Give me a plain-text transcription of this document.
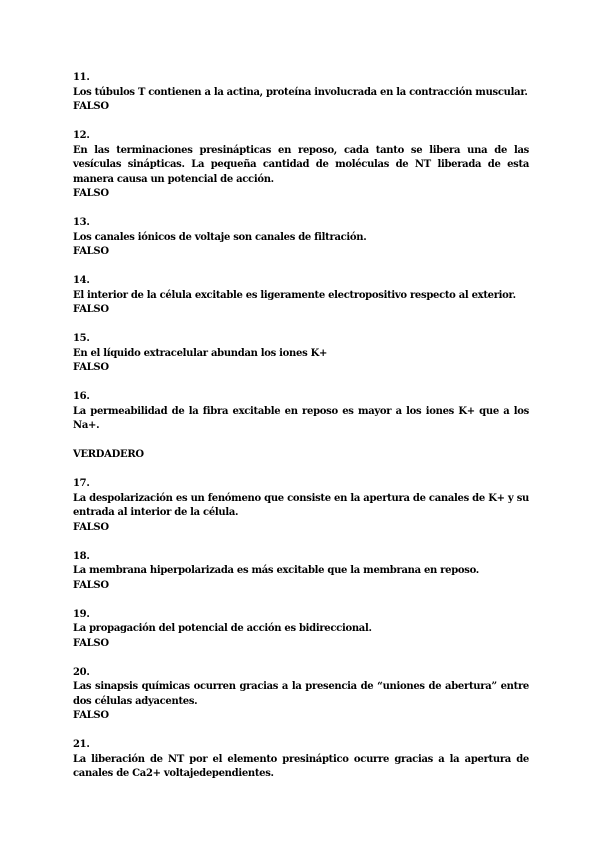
11.
Los túbulos T contienen a la actina, proteína involucrada en la contracción muscular.
FALSO
12.
En las terminaciones presinápticas en reposo, cada tanto se libera una de las vesículas sinápticas. La pequeña cantidad de moléculas de NT liberada de esta manera causa un potencial de acción.
FALSO
13.
Los canales iónicos de voltaje son canales de filtración.
FALSO
14.
El interior de la célula excitable es ligeramente electropositivo respecto al exterior.
FALSO
15.
En el líquido extracelular abundan los iones K+
FALSO
16.
La permeabilidad de la fibra excitable en reposo es mayor a los iones K+ que a los Na+.
VERDADERO
17.
La despolarización es un fenómeno que consiste en la apertura de canales de K+ y su entrada al interior de la célula.
FALSO
18.
La membrana hiperpolarizada es más excitable que la membrana en reposo.
FALSO
19.
La propagación del potencial de acción es bidireccional.
FALSO
20.
Las sinapsis químicas ocurren gracias a la presencia de “uniones de abertura” entre dos células adyacentes.
FALSO
21.
La liberación de NT por el elemento presináptico ocurre gracias a la apertura de canales de Ca2+ voltajedependientes.
